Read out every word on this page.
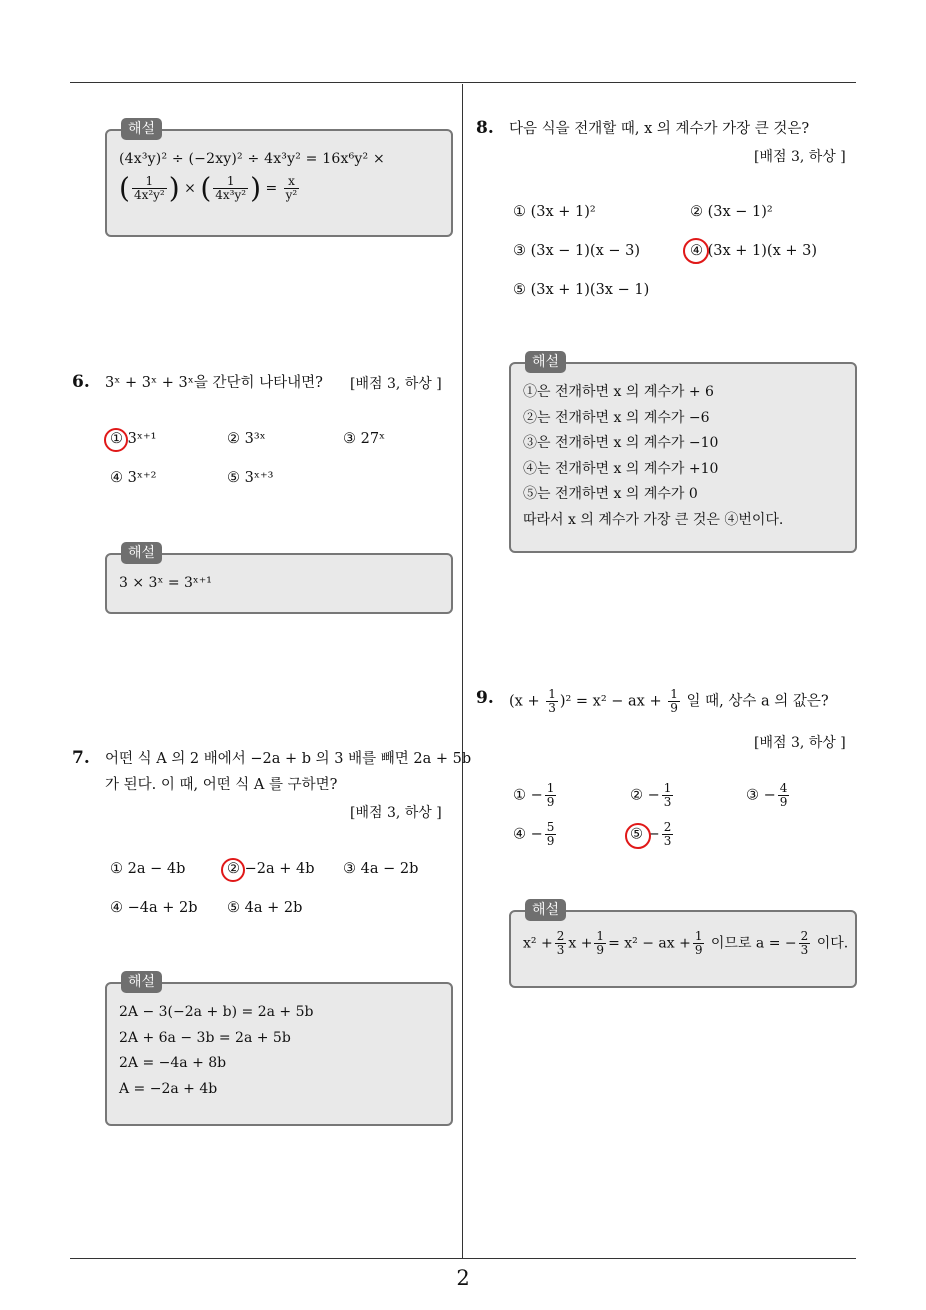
2
해설
(4x³y)² ÷ (−2xy)² ÷ 4x³y² = 16x⁶y² ×
( $\frac{1}{\text{4x²y²}}$ ) × ( $\frac{1}{\text{4x³y²}}$ ) = $\frac{x}{\text{y²}}$
6. 3ˣ + 3ˣ + 3ˣ을 간단히 나타내면? [배점 3, 하상 ]
① 3ˣ⁺¹	② 3³ˣ	③ 27ˣ
④ 3ˣ⁺²	⑤ 3ˣ⁺³
해설
3 × 3ˣ = 3ˣ⁺¹
7. 어떤 식 A 의 2 배에서 −2a + b 의 3 배를 빼면 2a + 5b
가 된다. 이 때, 어떤 식 A 를 구하면?
[배점 3, 하상 ]
① 2a − 4b	② −2a + 4b ③ 4a − 2b
④ −4a + 2b ⑤ 4a + 2b
해설
2A − 3(−2a + b) = 2a + 5b
2A + 6a − 3b = 2a + 5b
2A = −4a + 8b
A = −2a + 4b
8. 다음 식을 전개할 때, x 의 계수가 가장 큰 것은?
[배점 3, 하상 ]
① (3x + 1)²	② (3x − 1)²
③ (3x − 1)(x − 3)	④ (3x + 1)(x + 3)
⑤ (3x + 1)(3x − 1)
해설
①은 전개하면 x 의 계수가 + 6
②는 전개하면 x 의 계수가 −6
③은 전개하면 x 의 계수가 −10
④는 전개하면 x 의 계수가 +10
⑤는 전개하면 x 의 계수가 0
따라서 x 의 계수가 가장 큰 것은 ④번이다.
9. $(x + \frac{1}{3} )^2 = x^2$ − ax + $\frac{1}{9}$ 일 때, 상수 a 의 값은?
[배점 3, 하상 ]
① − $\frac{1}{9}$	② − $\frac{1}{3}$	③ − $\frac{4}{9}$
④ − $\frac{5}{9}$	⑤ − $\frac{2}{3}$
해설
$x^2 + \frac{2}{3}$ $x + \frac{1}{9} = x^2$ − ax + $\frac{1}{9}$ 이므로 a = − $\frac{2}{3}$ 이다.
